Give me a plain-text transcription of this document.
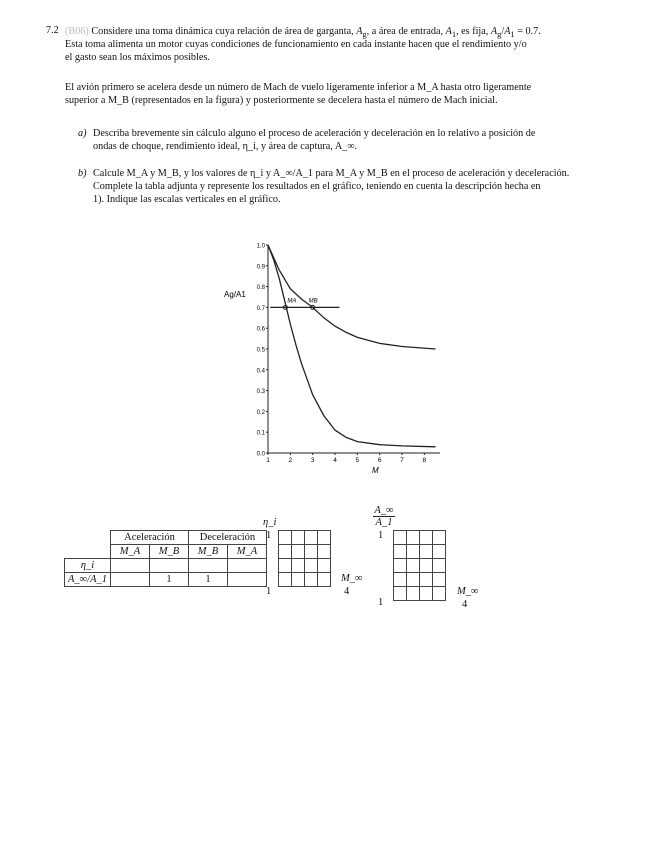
7.2 (B06) Considere una toma dinámica cuya relación de área de garganta, $A_g$, a área de entrada, $A_1$, es fija, $A_g/A_1 = 0.7$.
Esta toma alimenta un motor cuyas condiciones de funcionamiento en cada instante hacen que el rendimiento y/o
el gasto sean los máximos posibles.
El avión primero se acelera desde un número de Mach de vuelo ligeramente inferior a M_A hasta otro ligeramente
superior a M_B (representados en la figura) y posteriormente se decelera hasta el número de Mach inicial.
a) Describa brevemente sin cálculo alguno el proceso de aceleración y deceleración en lo relativo a posición de
ondas de choque, rendimiento ideal, η_i, y área de captura, A_∞.
b) Calcule M_A y M_B, y los valores de η_i y A_∞/A_1 para M_A y M_B en el proceso de aceleración y deceleración.
Complete la tabla adjunta y represente los resultados en el gráfico, teniendo en cuenta la descripción hecha en
1). Indique las escalas verticales en el gráfico.
Ag/A1
M
0.0
0.1
0.2
0.3
0.4
0.5
0.6
0.7
0.8
0.9
1.0
1	2	3	4	5	6	7	8
MA MB
	Aceleración		Deceleración	
	M_A	M_B	M_B	M_A
η_i				
A_∞/A_1		1	1	
η_i
1
1

M_∞
4
A_∞
A_1
1
1

M_∞
4
